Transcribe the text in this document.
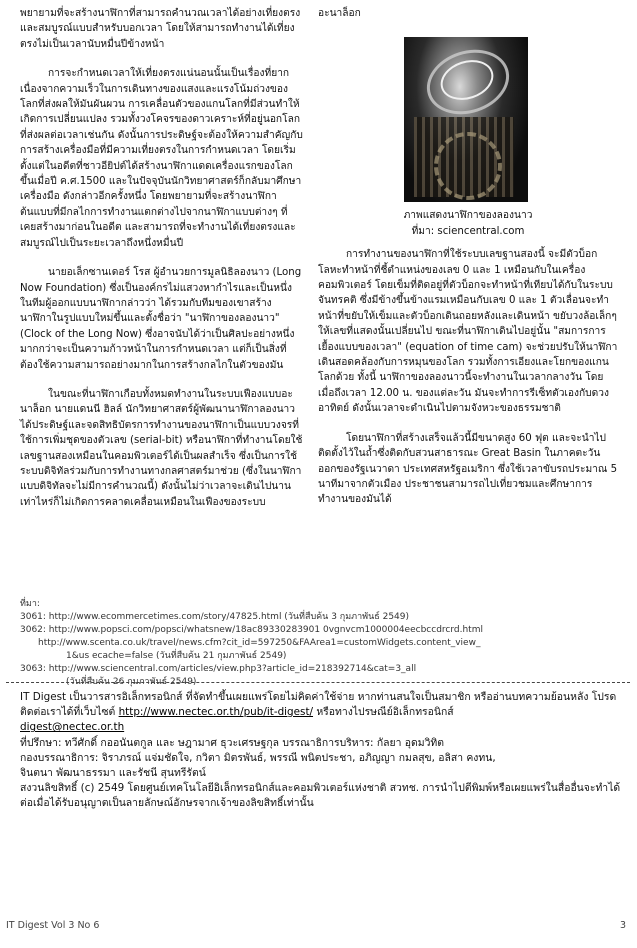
พยายามที่จะสร้างนาฬิกาที่สามารถคำนวณเวลาได้อย่างเที่ยงตรงและสมบูรณ์แบบสำหรับบอกเวลา โดยให้สามารถทำงานได้เที่ยงตรงไม่เป็นเวลานับหมื่นปีข้างหน้า

การจะกำหนดเวลาให้เที่ยงตรงแน่นอนนั้นเป็นเรื่องที่ยาก เนื่องจากความเร็วในการเดินทางของแสงและแรงโน้มถ่วงของโลกที่ส่งผลให้มันผันผวน การเคลื่อนตัวของแกนโลกที่มีส่วนทำให้เกิดการเปลี่ยนแปลง รวมทั้งวงโคจรของดาวเคราะห์ที่อยู่นอกโลกที่ส่งผลต่อเวลาเช่นกัน ดังนั้นการประดิษฐ์จะต้องให้ความสำคัญกับการสร้างเครื่องมือที่มีความเที่ยงตรงในการกำหนดเวลา โดยเริ่มตั้งแต่ในอดีตที่ชาวอียิปต์ได้สร้างนาฬิกาแดดเครื่องแรกของโลกขึ้นเมื่อปี ค.ศ.1500 และในปัจจุบันนักวิทยาศาสตร์ก็กลับมาศึกษาเครื่องมือ ดังกล่าวอีกครั้งหนึ่ง โดยพยายามที่จะสร้างนาฬิกาต้นแบบที่มีกลไกการทำงานแตกต่างไปจากนาฬิกาแบบต่างๆ ที่เคยสร้างมาก่อนในอดีต และสามารถที่จะทำงานได้เที่ยงตรงและสมบูรณ์ไปเป็นระยะเวลาถึงหนึ่งหมื่นปี

นายอเล็กซานเดอร์ โรส ผู้อำนวยการมูลนิธิลองนาว (Long Now Foundation) ซึ่งเป็นองค์กรไม่แสวงหากำไรและเป็นหนึ่งในทีมผู้ออกแบบนาฬิกากล่าวว่า ได้รวมกับทีมของเขาสร้างนาฬิกาในรูปแบบใหม่ขึ้นและตั้งชื่อว่า "นาฬิกาของลองนาว" (Clock of the Long Now) ซึ่งอาจนับได้ว่าเป็นศิลปะอย่างหนึ่งมากกว่าจะเป็นความก้าวหน้าในการกำหนดเวลา แต่ก็เป็นสิ่งที่ต้องใช้ความสามารถอย่างมากในการสร้างกลไกในตัวของมัน

ในขณะที่นาฬิกาเกือบทั้งหมดทำงานในระบบเฟืองแบบอะนาล็อก นายแดนนี ฮิลล์ นักวิทยาศาสตร์ผู้พัฒนานาฬิกาลองนาวได้ประดิษฐ์และจดสิทธิบัตรการทำงานของนาฬิกาเป็นแบบวงจรที่ใช้การเพิ่มชุดของตัวเลข (serial-bit) หรือนาฬิกาที่ทำงานโดยใช้เลขฐานสองเหมือนในคอมพิวเตอร์ได้เป็นผลสำเร็จ ซึ่งเป็นการใช้ระบบดิจิทัลร่วมกับการทำงานทางกลศาสตร์มาช่วย (ซึ่งในนาฬิกาแบบดิจิทัลจะไม่มีการคำนวณนี้) ดังนั้นไม่ว่าเวลาจะเดินไปนานเท่าไหร่ก็ไม่เกิดการคลาดเคลื่อนเหมือนในเฟืองของระบบ

อะนาล็อก

ภาพแสดงนาฬิกาของลองนาว

ที่มา: sciencentral.com

การทำงานของนาฬิกาที่ใช้ระบบเลขฐานสองนี้ จะมีตัวบ็อกโลหะทำหน้าที่ชี้ตำแหน่งของเลข 0 และ 1 เหมือนกับในเครื่องคอมพิวเตอร์ โดยเข็มที่ติดอยู่ที่ตัวบ็อกจะทำหน้าที่เทียบได้กับในระบบจันทรคติ ซึ่งมีข้างขึ้นข้างแรมเหมือนกับเลข 0 และ 1 ตัวเลื่อนจะทำหน้าที่ขยับให้เข็มและตัวบ็อกเดินถอยหลังและเดินหน้า ขยับวงล้อเล็กๆ ให้เลขที่แสดงนั้นเปลี่ยนไป ขณะที่นาฬิกาเดินไปอยู่นั้น "สมการการเยื้องแบบของเวลา" (equation of time cam) จะช่วยปรับให้นาฬิกาเดินสอดคล้องกับการหมุนของโลก รวมทั้งการเอียงและโยกของแกนโลกด้วย ทั้งนี้ นาฬิกาของลองนาวนี้จะทำงานในเวลากลางวัน โดยเมื่อถึงเวลา 12.00 น. ของแต่ละวัน มันจะทำการรีเซ็ทตัวเองกับดวงอาทิตย์ ดังนั้นเวลาจะดำเนินไปตามจังหวะของธรรมชาติ

โดยนาฬิกาที่สร้างเสร็จแล้วนี้มีขนาดสูง 60 ฟุต และจะนำไปติดตั้งไว้ในถ้ำซึ่งติดกับสวนสาธารณะ Great Basin ในภาคตะวันออกของรัฐเนวาดา ประเทศสหรัฐอเมริกา ซึ่งใช้เวลาขับรถประมาณ 5 นาทีมาจากตัวเมือง ประชาชนสามารถไปเที่ยวชมและศึกษาการทำงานของมันได้

ที่มา:

3061: http://www.ecommercetimes.com/story/47825.html (วันที่สืบค้น 3 กุมภาพันธ์ 2549)

3062: http://www.popsci.com/popsci/whatsnew/18ac89330283901 0vgnvcm1000004eecbccdrcrd.html

http://www.scenta.co.uk/travel/news.cfm?cit_id=597250&FAArea1=customWidgets.content_view_

1&us ecache=false (วันที่สืบค้น 21 กุมภาพันธ์ 2549)

3063: http://www.sciencentral.com/articles/view.php3?article_id=218392714&cat=3_all

(วันที่สืบค้น 26 กุมภาพันธ์ 2549)

IT Digest เป็นวารสารอิเล็กทรอนิกส์ ที่จัดทำขึ้นเผยแพร่โดยไม่คิดค่าใช้จ่าย หากท่านสนใจเป็นสมาชิก หรืออ่านบทความย้อนหลัง โปรดติดต่อเราได้ที่เว็บไซต์ http://www.nectec.or.th/pub/it-digest/ หรือทางไปรษณีย์อิเล็กทรอนิกส์

digest@nectec.or.th

ที่ปรึกษา: ทวีศักดิ์ กออนันตกูล และ ษฎามาศ ธุวะเศรษฐกุล บรรณาธิการบริหาร: กัลยา อุดมวิทิต

กองบรรณาธิการ: จิราภรณ์ แจ่มชัดใจ, กวิตา มิตรพันธ์, พรรณี พนิตประชา, อภิญญา กมลสุข, อลิสา คงทน,

จินตนา พัฒนาธรรมา และรัชนี สุนทรีรัตน์

สงวนลิขสิทธิ์ (c) 2549 โดยศูนย์เทคโนโลยีอิเล็กทรอนิกส์และคอมพิวเตอร์แห่งชาติ สวทช. การนำไปตีพิมพ์หรือเผยแพร่ในสื่ออื่นจะทำได้ต่อเมื่อได้รับอนุญาตเป็นลายลักษณ์อักษรจากเจ้าของลิขสิทธิ์เท่านั้น

IT Digest Vol 3 No 6	3
